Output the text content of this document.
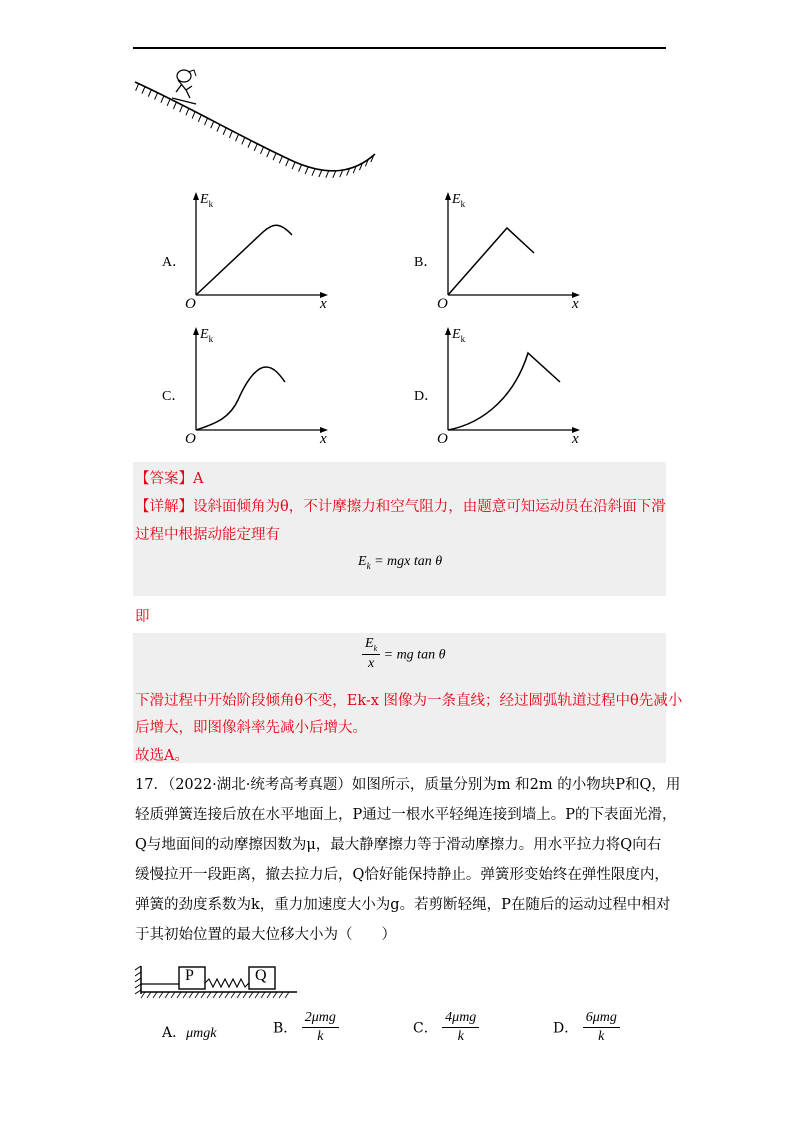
A．
$E_k$
O	x
B．
$E_k$
O	x
C．
$E_k$
O	x
D．
$E_k$
O	x
【答案】A
【详解】设斜面倾角为θ，不计摩擦力和空气阻力，由题意可知运动员在沿斜面下滑
过程中根据动能定理有
$E_k$ = mgx tan θ
即
$\frac{E_k}{x}$ = mg tan θ
下滑过程中开始阶段倾角θ不变，Ek-x 图像为一条直线；经过圆弧轨道过程中θ先减小
后增大，即图像斜率先减小后增大。
故选A。
17．（2022·湖北·统考高考真题）如图所示，质量分别为m 和2m 的小物块P和Q，用
轻质弹簧连接后放在水平地面上，P通过一根水平轻绳连接到墙上。P的下表面光滑，
Q与地面间的动摩擦因数为μ，最大静摩擦力等于滑动摩擦力。用水平拉力将Q向右
缓慢拉开一段距离，撤去拉力后，Q恰好能保持静止。弹簧形变始终在弹性限度内，
弹簧的劲度系数为k，重力加速度大小为g。若剪断轻绳，P在随后的运动过程中相对
于其初始位置的最大位移大小为（　　）
P	Q
A．μmgk	B． $\frac{\text{2μmg}}{k}$	C． $\frac{\text{4μmg}}{k}$	D． $\frac{\text{6μmg}}{k}$
